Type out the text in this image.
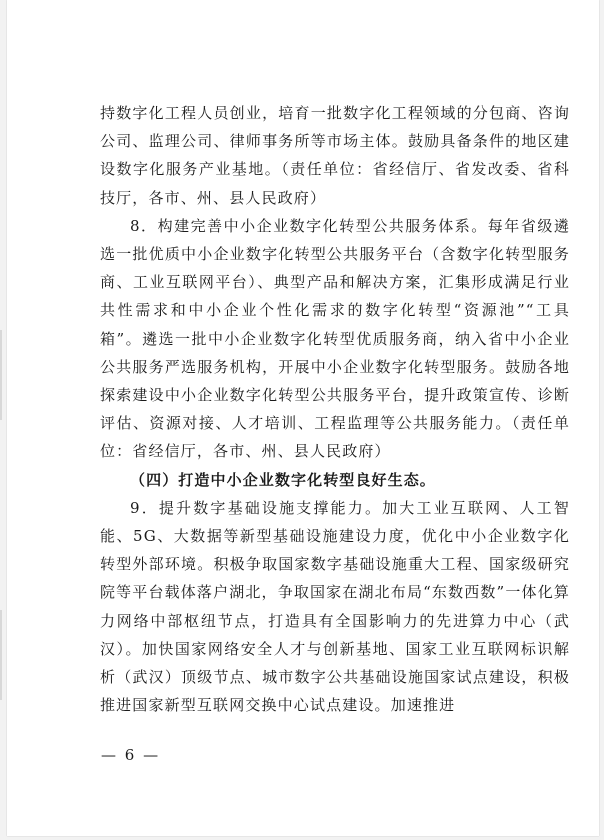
持数字化工程人员创业，培育一批数字化工程领域的分包商、咨询公司、监理公司、律师事务所等市场主体。鼓励具备条件的地区建设数字化服务产业基地。（责任单位：省经信厅、省发改委、省科技厅，各市、州、县人民政府）

8．构建完善中小企业数字化转型公共服务体系。每年省级遴选一批优质中小企业数字化转型公共服务平台（含数字化转型服务商、工业互联网平台）、典型产品和解决方案，汇集形成满足行业共性需求和中小企业个性化需求的数字化转型“资源池”“工具箱”。遴选一批中小企业数字化转型优质服务商，纳入省中小企业公共服务严选服务机构，开展中小企业数字化转型服务。鼓励各地探索建设中小企业数字化转型公共服务平台，提升政策宣传、诊断评估、资源对接、人才培训、工程监理等公共服务能力。（责任单位：省经信厅，各市、州、县人民政府）

（四）打造中小企业数字化转型良好生态。

9．提升数字基础设施支撑能力。加大工业互联网、人工智能、5G、大数据等新型基础设施建设力度，优化中小企业数字化转型外部环境。积极争取国家数字基础设施重大工程、国家级研究院等平台载体落户湖北，争取国家在湖北布局“东数西数”一体化算力网络中部枢纽节点，打造具有全国影响力的先进算力中心（武汉）。加快国家网络安全人才与创新基地、国家工业互联网标识解析（武汉）顶级节点、城市数字公共基础设施国家试点建设，积极推进国家新型互联网交换中心试点建设。加速推进

— 6 —
